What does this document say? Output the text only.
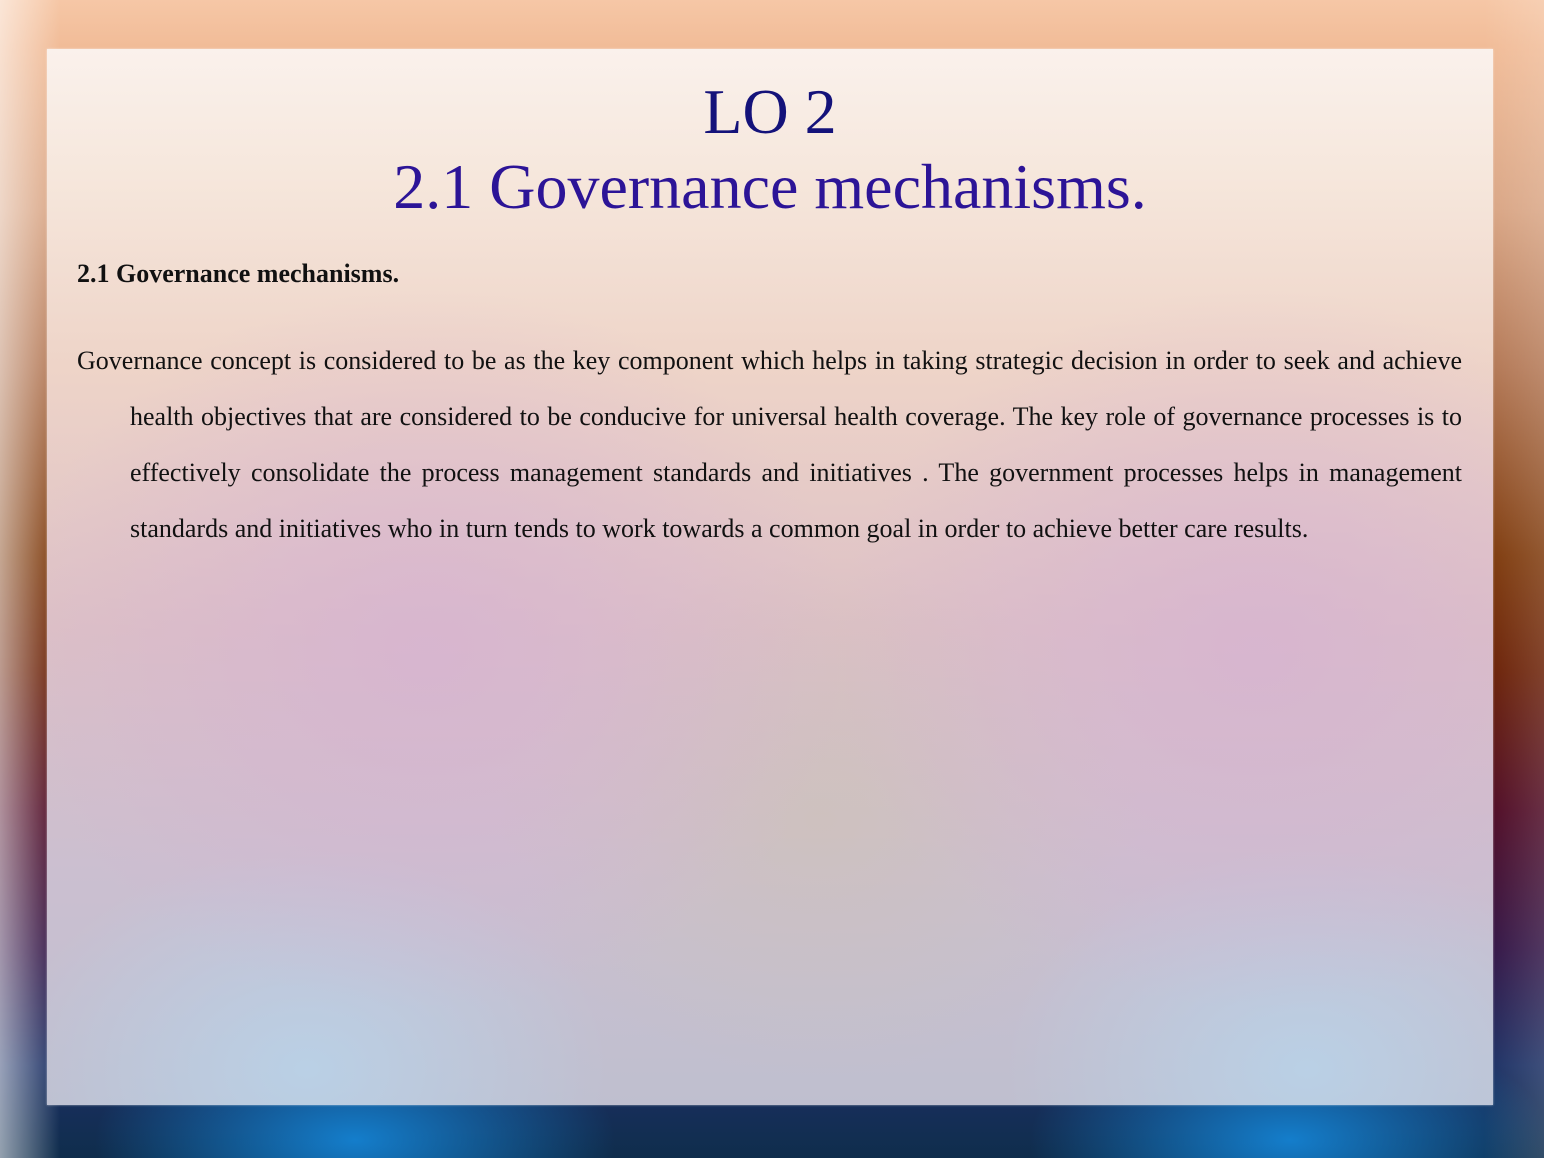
LO 2
2.1 Governance mechanisms.
2.1 Governance mechanisms.
Governance concept is considered to be as the key component which helps in taking strategic decision in order to seek and achieve health objectives that are considered to be conducive for universal health coverage. The key role of governance processes is to effectively consolidate the process management standards and initiatives . The government processes helps in management standards and initiatives who in turn tends to work towards a common goal in order to achieve better care results.
